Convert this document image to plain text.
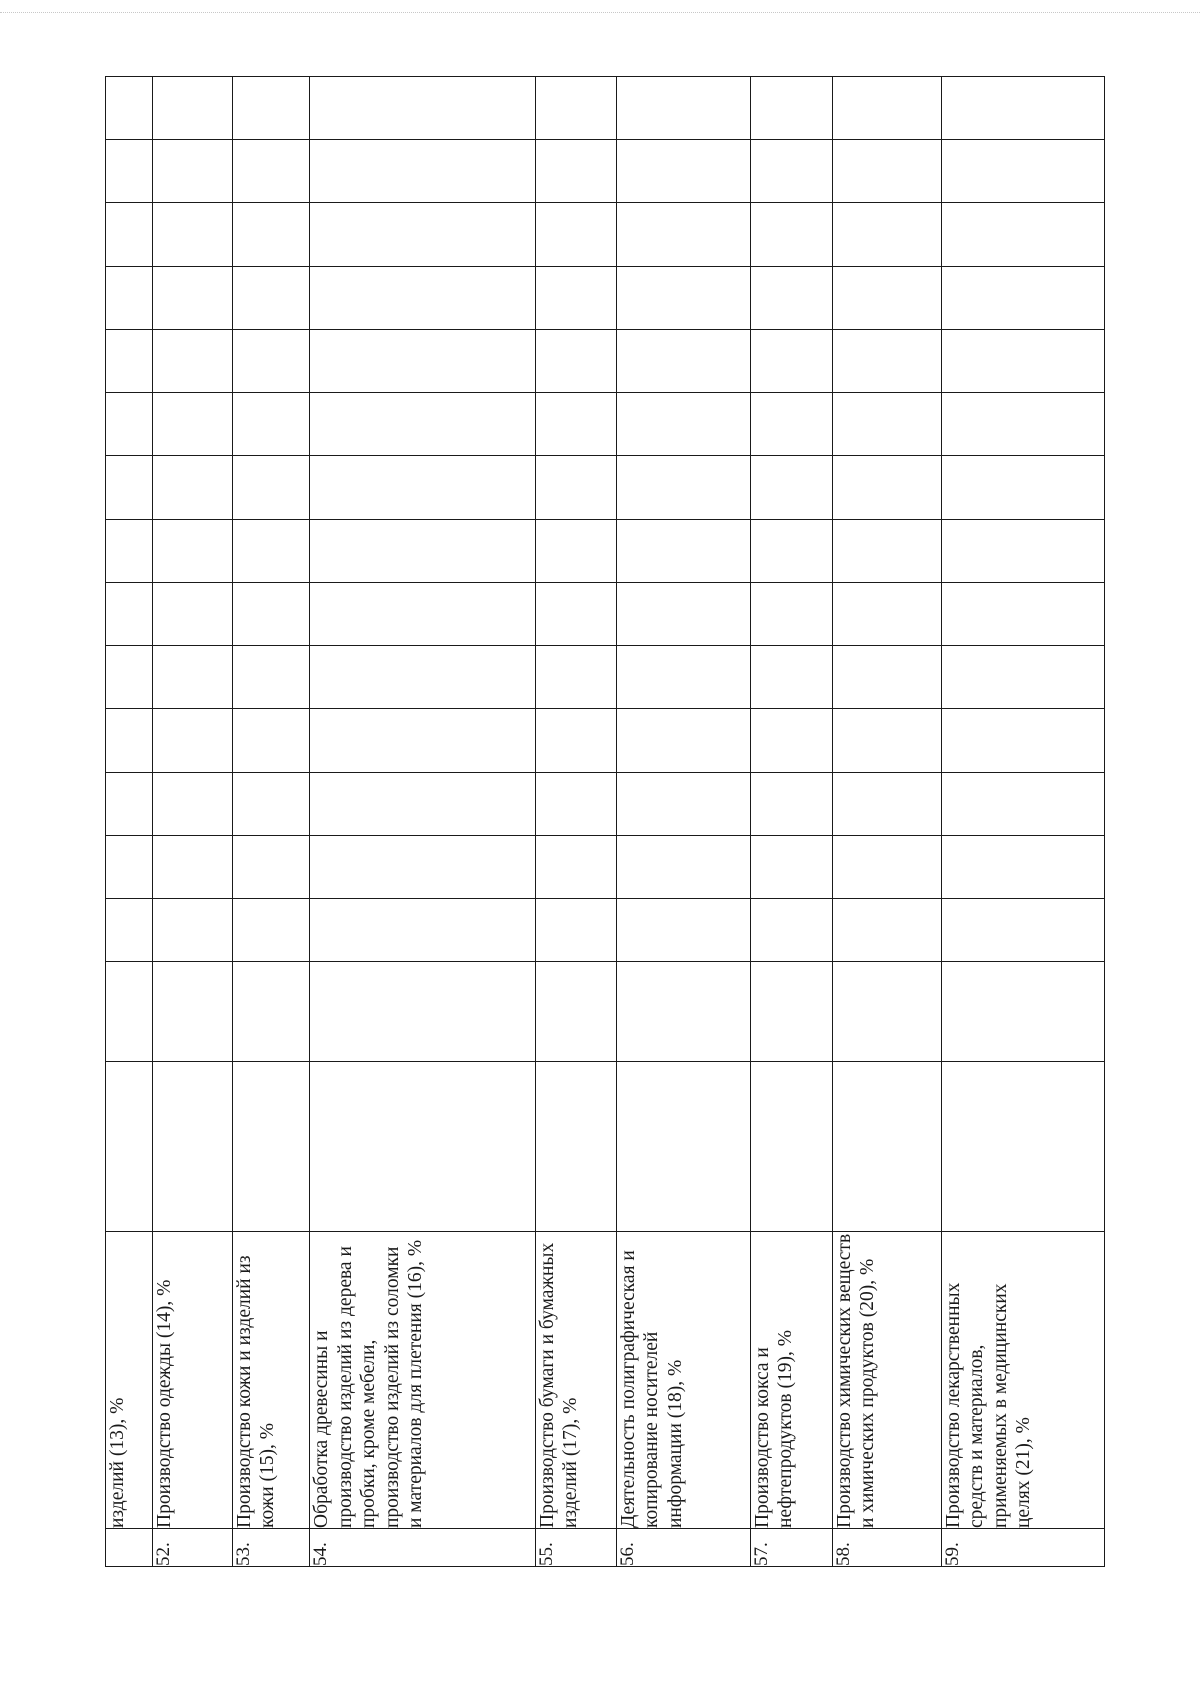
	изделий (13), %																
52.	Производство одежды (14), %																
53.	Производство кожи и изделий из кожи (15), %																
54.	Обработка древесины и производство изделий из дерева и пробки, кроме мебели, производство изделий из соломки и материалов для плетения (16), %																
55.	Производство бумаги и бумажных изделий (17), %																
56.	Деятельность полиграфическая и копирование носителей информации (18), %																
57.	Производство кокса и нефтепродуктов (19), %																
58.	Производство химических веществ и химических продуктов (20), %																
59.	Производство лекарственных средств и материалов, применяемых в медицинских целях (21), %																
